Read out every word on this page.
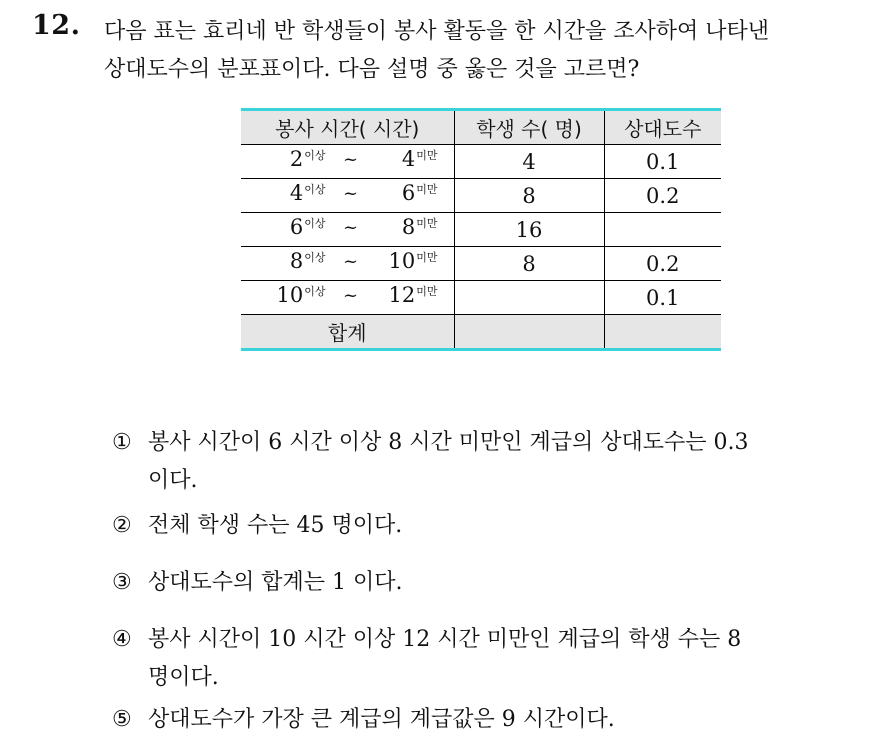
12. 다음 표는 효리네 반 학생들이 봉사 활동을 한 시간을 조사하여 나타낸
상대도수의 분포표이다. 다음 설명 중 옳은 것을 고르면?
봉사 시간( 시간)	학생 수( 명)	상대도수

$2^{이상}$ ~ $4^{미만}$	4	0.1

$4^{이상}$ ~ $6^{미만}$	8	0.2

$6^{이상}$ ~ $8^{미만}$	16	

$8^{이상}$ ~ $10^{미만}$	8	0.2

$10^{이상}$ ~ $12^{미만}$		0.1
합계		
① 봉사 시간이 6 시간 이상 8 시간 미만인 계급의 상대도수는 0.3
이다.
② 전체 학생 수는 45 명이다.
③ 상대도수의 합계는 1 이다.
④ 봉사 시간이 10 시간 이상 12 시간 미만인 계급의 학생 수는 8
명이다.
⑤ 상대도수가 가장 큰 계급의 계급값은 9 시간이다.
